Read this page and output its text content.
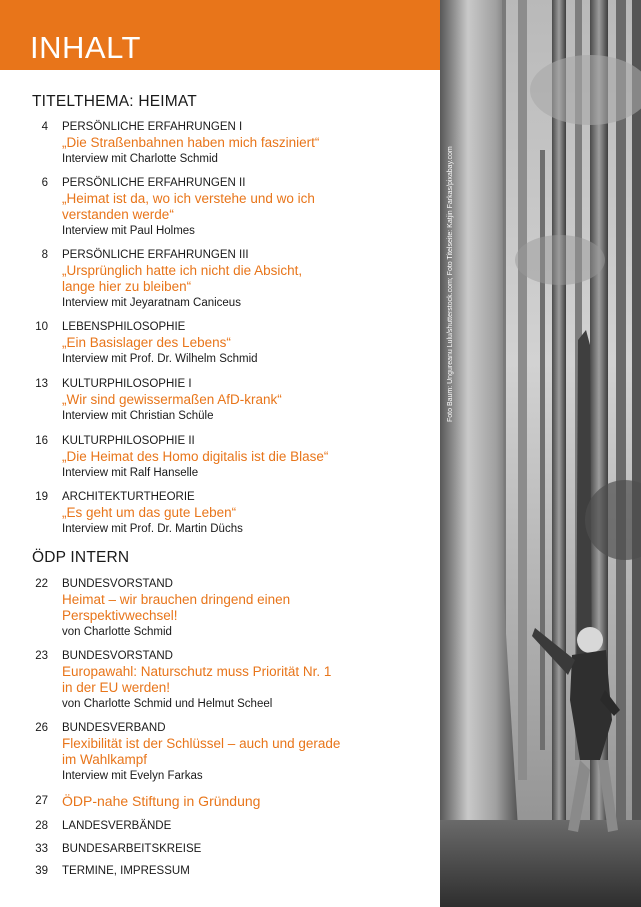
INHALT
TITELTHEMA: HEIMAT
4 PERSÖNLICHE ERFAHRUNGEN I
„Die Straßenbahnen haben mich fasziniert“
Interview mit Charlotte Schmid
6 PERSÖNLICHE ERFAHRUNGEN II
„Heimat ist da, wo ich verstehe und wo ich
verstanden werde“
Interview mit Paul Holmes
8 PERSÖNLICHE ERFAHRUNGEN III
„Ursprünglich hatte ich nicht die Absicht,
lange hier zu bleiben“
Interview mit Jeyaratnam Caniceus
10 LEBENSPHILOSOPHIE
„Ein Basislager des Lebens“
Interview mit Prof. Dr. Wilhelm Schmid
13 KULTURPHILOSOPHIE I
„Wir sind gewissermaßen AfD-krank“
Interview mit Christian Schüle
16 KULTURPHILOSOPHIE II
„Die Heimat des Homo digitalis ist die Blase“
Interview mit Ralf Hanselle
19 ARCHITEKTURTHEORIE
„Es geht um das gute Leben“
Interview mit Prof. Dr. Martin Düchs
ÖDP INTERN
22 BUNDESVORSTAND
Heimat – wir brauchen dringend einen
Perspektivwechsel!
von Charlotte Schmid
23 BUNDESVORSTAND
Europawahl: Naturschutz muss Priorität Nr. 1
in der EU werden!
von Charlotte Schmid und Helmut Scheel
26 BUNDESVERBAND
Flexibilität ist der Schlüssel – auch und gerade
im Wahlkampf
Interview mit Evelyn Farkas
27 ÖDP-nahe Stiftung in Gründung
28 LANDESVERBÄNDE
33 BUNDESARBEITSKREISE
39 TERMINE, IMPRESSUM
Foto Baum: Ungureanu Lulu/shutterstock.com; Foto Titelseite: Katjin Farkas/pixabay.com
